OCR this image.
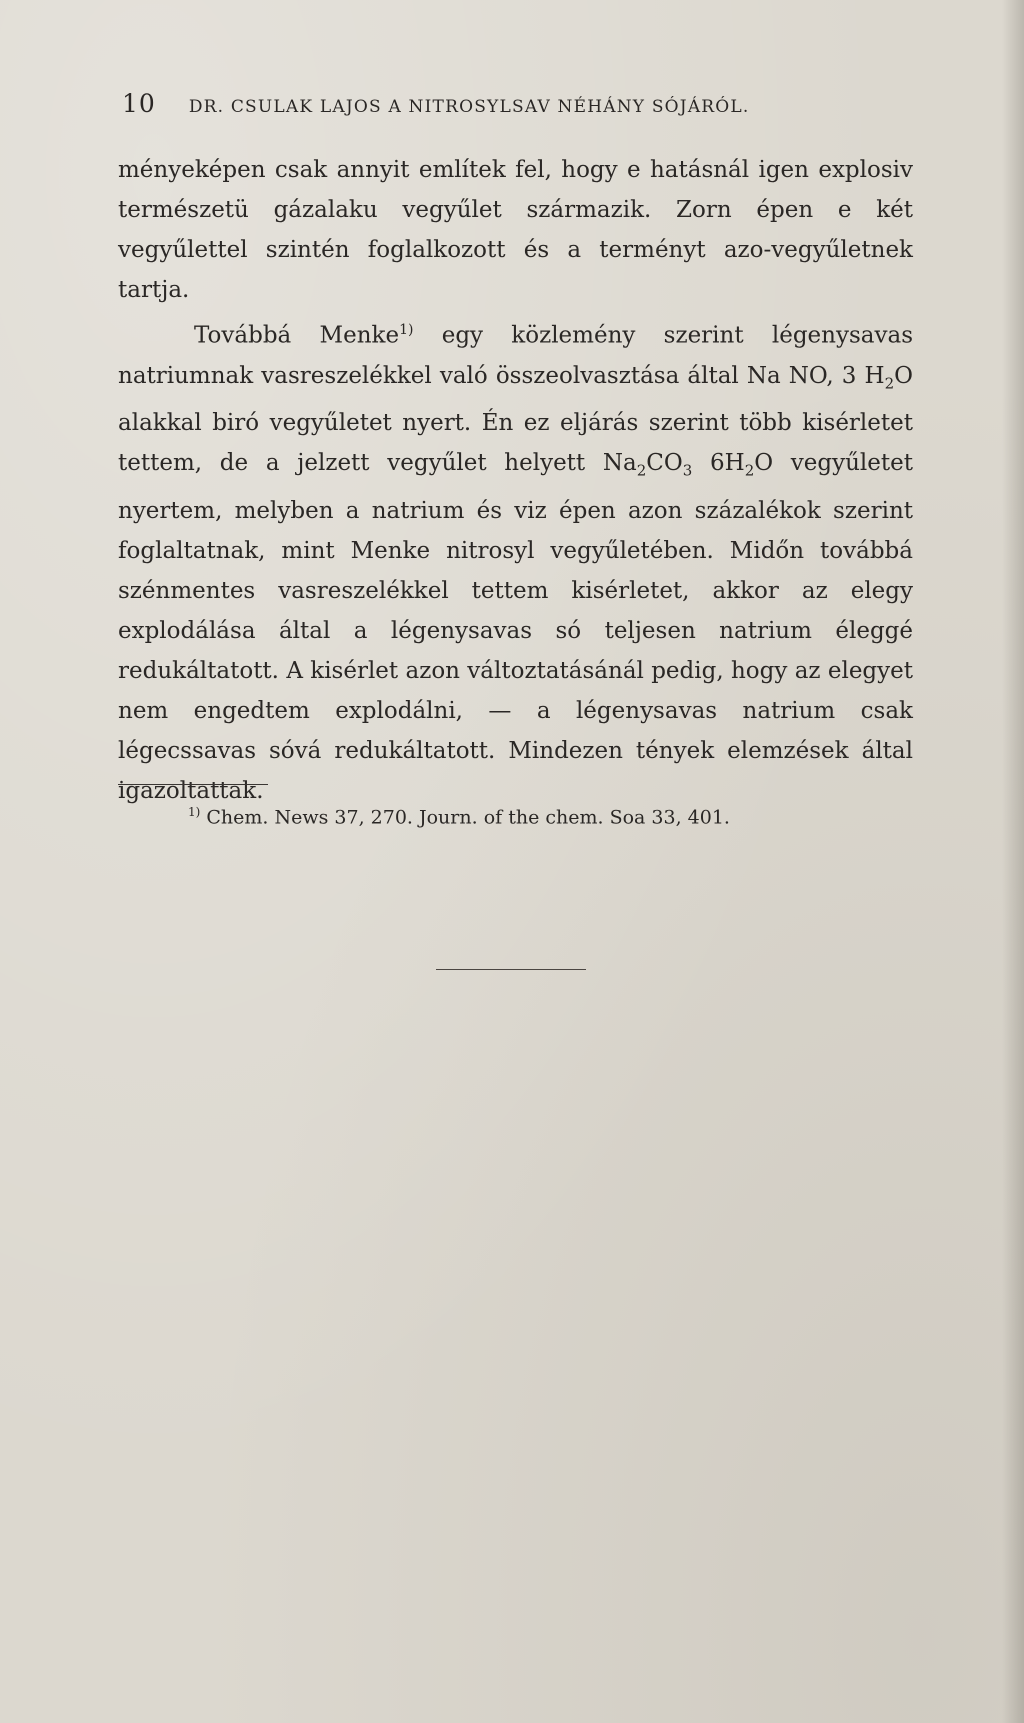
10 DR. CSULAK LAJOS A NITROSYLSAV NÉHÁNY SÓJÁRÓL.

ményeképen csak annyit említek fel, hogy e hatásnál igen explosiv természetü gázalaku vegyűlet származik. Zorn épen e két vegyűlettel szintén foglalkozott és a terményt azo-vegyűletnek tartja.

Továbbá Menke$^{1)}$ egy közlemény szerint légenysavas natriumnak vasreszelékkel való összeolvasztása által Na NO, 3 $H_2O$ alakkal biró vegyűletet nyert. Én ez eljárás szerint több kisérletet tettem, de a jelzett vegyűlet helyett $Na_2CO_3$ $6H_2O$ vegyűletet nyertem, melyben a natrium és viz épen azon százalékok szerint foglaltatnak, mint Menke nitrosyl vegyűletében. Midőn továbbá szénmentes vasreszelékkel tettem kisérletet, akkor az elegy explodálása által a légenysavas só teljesen natrium éleggé redukáltatott. A kisérlet azon változtatásánál pedig, hogy az elegyet nem engedtem explodálni, — a légenysavas natrium csak légecssavas sóvá redukáltatott. Mindezen tények elemzések által igazoltattak.

$^{1)}$ Chem. News 37, 270. Journ. of the chem. Soa 33, 401.
